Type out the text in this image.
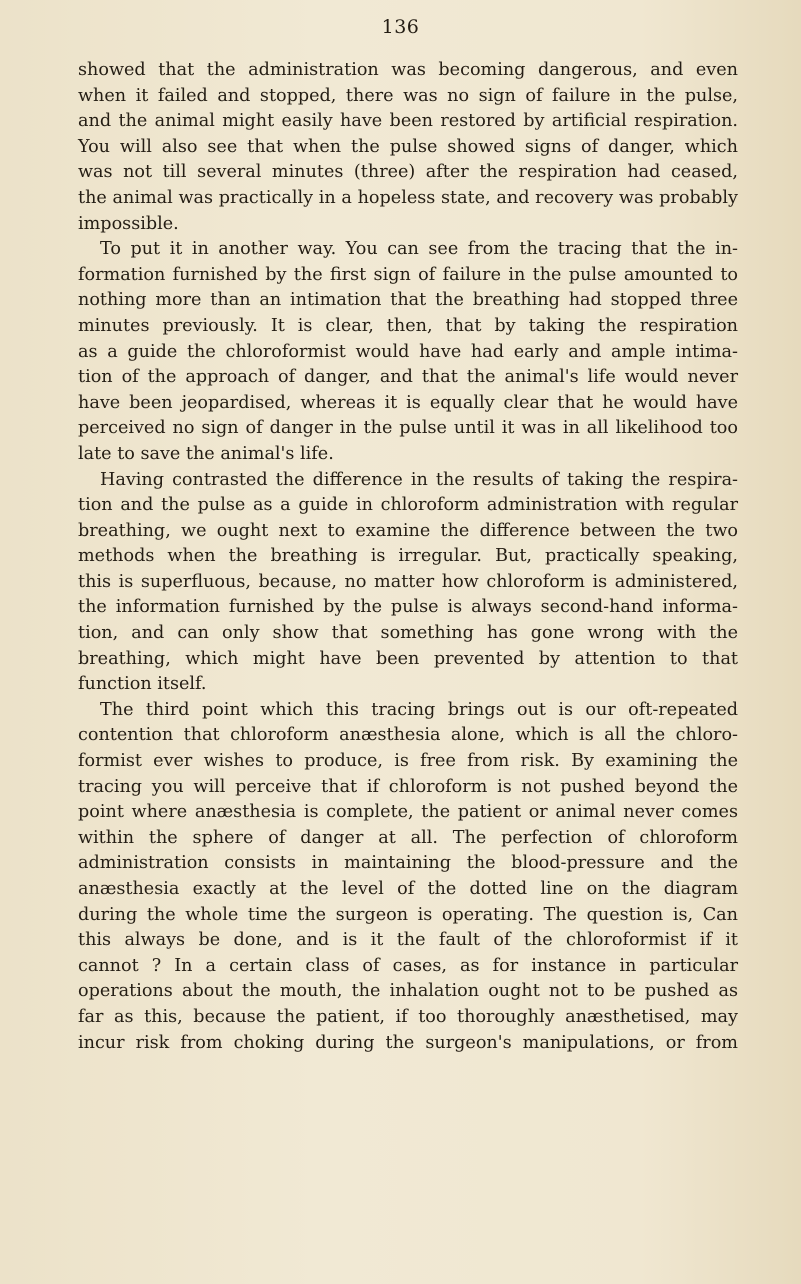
136
showed that the administration was becoming dangerous, and even
when it failed and stopped, there was no sign of failure in the pulse,
and the animal might easily have been restored by artificial respiration.
You will also see that when the pulse showed signs of danger, which
was not till several minutes (three) after the respiration had ceased,
the animal was practically in a hopeless state, and recovery was probably
impossible.
To put it in another way. You can see from the tracing that the in-
formation furnished by the first sign of failure in the pulse amounted to
nothing more than an intimation that the breathing had stopped three
minutes previously. It is clear, then, that by taking the respiration
as a guide the chloroformist would have had early and ample intima-
tion of the approach of danger, and that the animal's life would never
have been jeopardised, whereas it is equally clear that he would have
perceived no sign of danger in the pulse until it was in all likelihood too
late to save the animal's life.
Having contrasted the difference in the results of taking the respira-
tion and the pulse as a guide in chloroform administration with regular
breathing, we ought next to examine the difference between the two
methods when the breathing is irregular. But, practically speaking,
this is superfluous, because, no matter how chloroform is administered,
the information furnished by the pulse is always second-hand informa-
tion, and can only show that something has gone wrong with the
breathing, which might have been prevented by attention to that
function itself.
The third point which this tracing brings out is our oft-repeated
contention that chloroform anæsthesia alone, which is all the chloro-
formist ever wishes to produce, is free from risk. By examining the
tracing you will perceive that if chloroform is not pushed beyond the
point where anæsthesia is complete, the patient or animal never comes
within the sphere of danger at all. The perfection of chloroform
administration consists in maintaining the blood-pressure and the
anæsthesia exactly at the level of the dotted line on the diagram
during the whole time the surgeon is operating. The question is, Can
this always be done, and is it the fault of the chloroformist if it
cannot ? In a certain class of cases, as for instance in particular
operations about the mouth, the inhalation ought not to be pushed as
far as this, because the patient, if too thoroughly anæsthetised, may
incur risk from choking during the surgeon's manipulations, or from
